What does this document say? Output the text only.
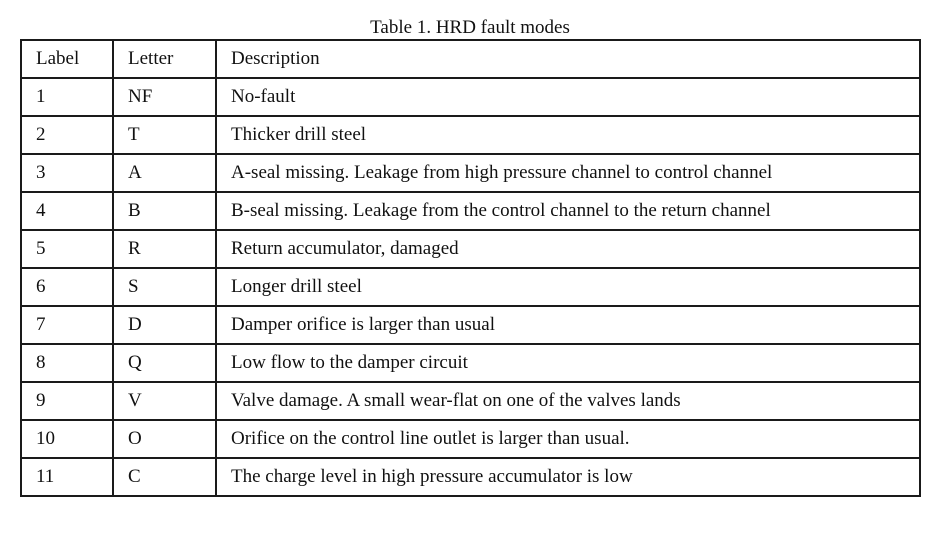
Table 1. HRD fault modes
Label	Letter	Description
1	NF	No-fault
2	T	Thicker drill steel
3	A	A-seal missing. Leakage from high pressure channel to control channel
4	B	B-seal missing. Leakage from the control channel to the return channel
5	R	Return accumulator, damaged
6	S	Longer drill steel
7	D	Damper orifice is larger than usual
8	Q	Low flow to the damper circuit
9	V	Valve damage. A small wear-flat on one of the valves lands
10	O	Orifice on the control line outlet is larger than usual.
11	C	The charge level in high pressure accumulator is low
